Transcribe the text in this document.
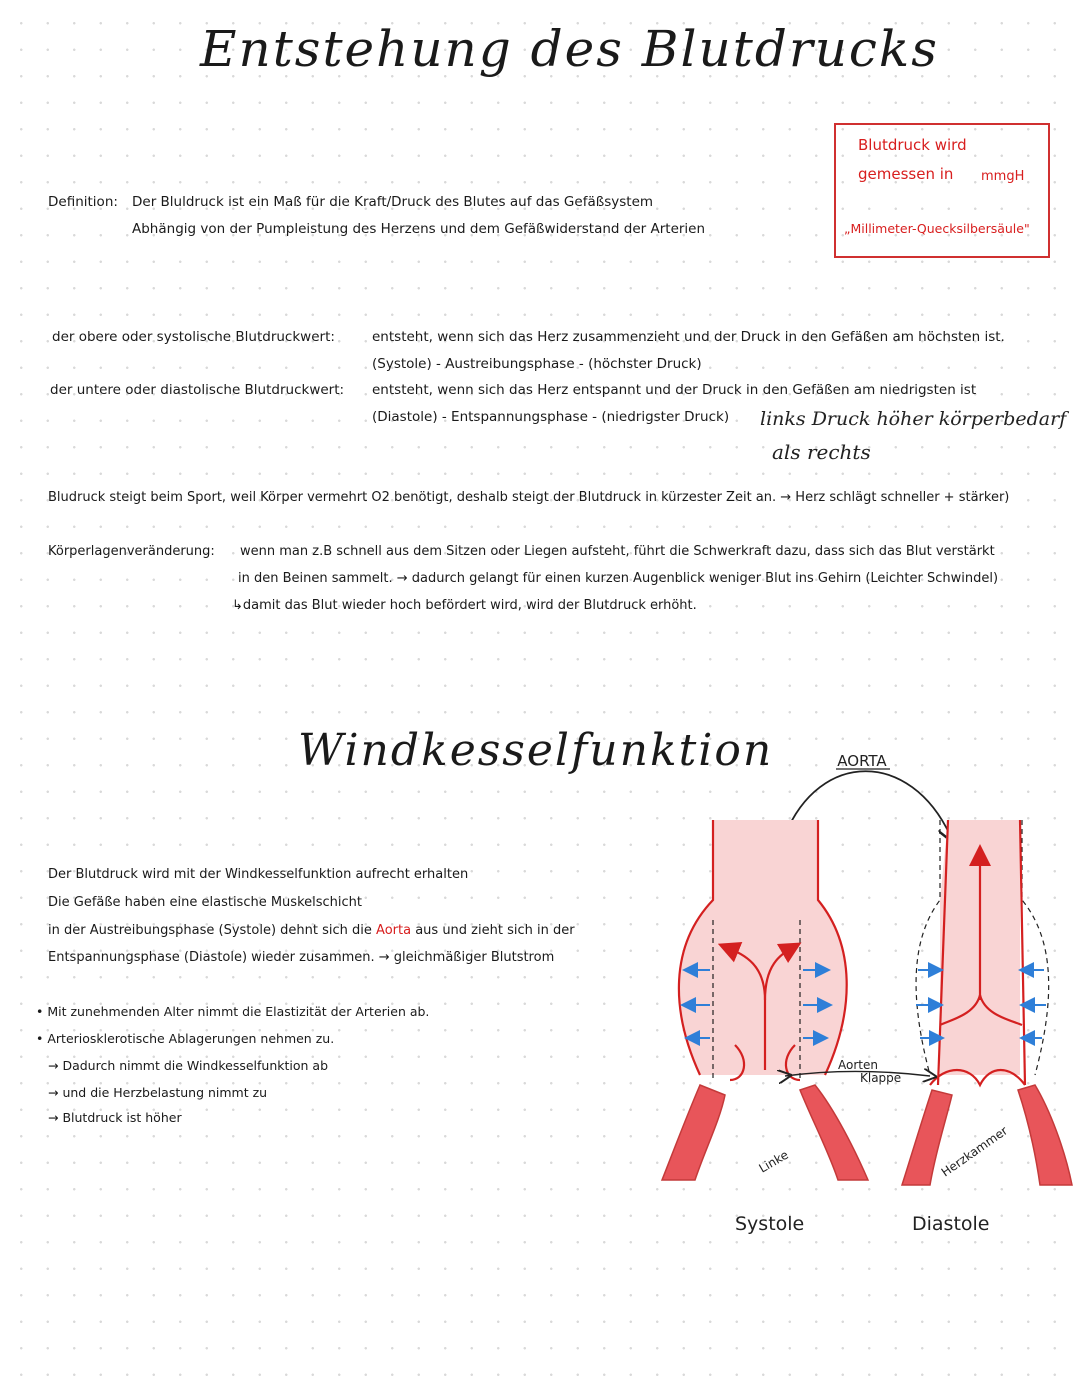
Entstehung des Blutdrucks
Blutdruck wird
gemessen in mmgH
„Millimeter-Quecksilbersäule"
Definition: Der Bluldruck ist ein Maß für die Kraft/Druck des Blutes auf das Gefäßsystem
Abhängig von der Pumpleistung des Herzens und dem Gefäßwiderstand der Arterien
der obere oder systolische Blutdruckwert:	entsteht, wenn sich das Herz zusammenzieht und der Druck in den Gefäßen am höchsten ist.
(Systole) - Austreibungsphase - (höchster Druck)
der untere oder diastolische Blutdruckwert: entsteht, wenn sich das Herz entspannt und der Druck in den Gefäßen am niedrigsten ist
(Diastole) - Entspannungsphase - (niedrigster Druck) links Druck höher körperbedarf
als rechts
Bludruck steigt beim Sport, weil Körper vermehrt O2 benötigt, deshalb steigt der Blutdruck in kürzester Zeit an. → Herz schlägt schneller + stärker)
Körperlagenveränderung: wenn man z.B schnell aus dem Sitzen oder Liegen aufsteht, führt die Schwerkraft dazu, dass sich das Blut verstärkt
in den Beinen sammelt. → dadurch gelangt für einen kurzen Augenblick weniger Blut ins Gehirn (Leichter Schwindel)
↳damit das Blut wieder hoch befördert wird, wird der Blutdruck erhöht.
Windkesselfunktion
Der Blutdruck wird mit der Windkesselfunktion aufrecht erhalten
Die Gefäße haben eine elastische Muskelschicht
in der Austreibungsphase (Systole) dehnt sich die Aorta aus und zieht sich in der
Entspannungsphase (Diastole) wieder zusammen. → gleichmäßiger Blutstrom
• Mit zunehmenden Alter nimmt die Elastizität der Arterien ab.
• Arteriosklerotische Ablagerungen nehmen zu.
→ Dadurch nimmt die Windkesselfunktion ab
→ und die Herzbelastung nimmt zu
→ Blutdruck ist höher
AORTA
Linke	Herzkammer
Aorten
Klappe
Systole	Diastole
